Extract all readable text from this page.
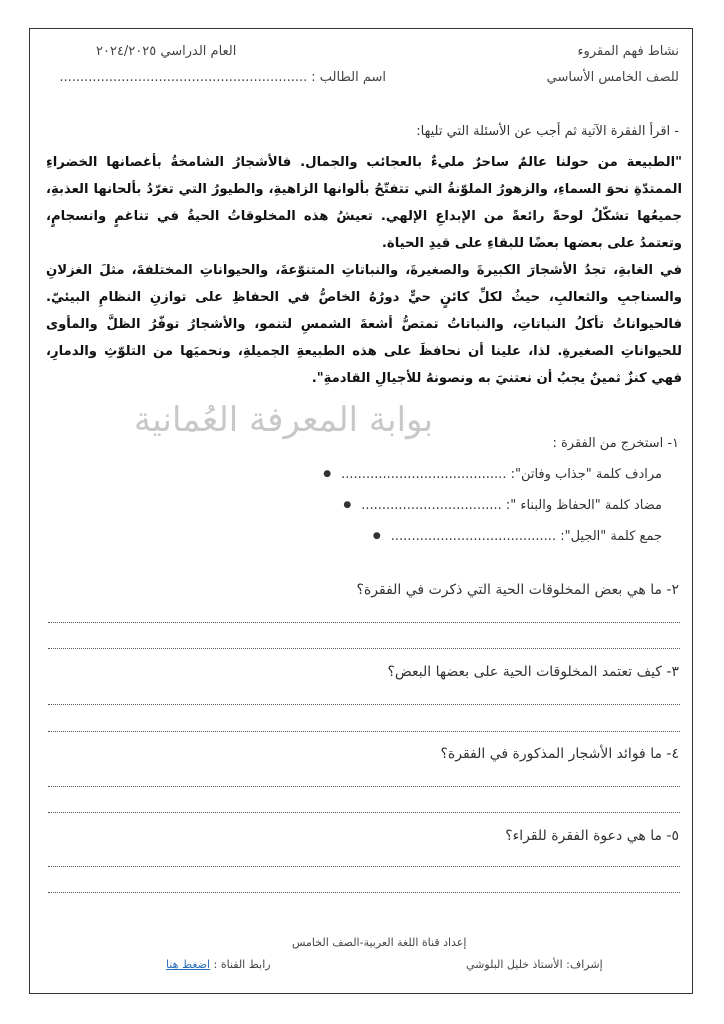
نشاط فهم المقروء
للصف الخامس الأساسي
العام الدراسي ٢٠٢٤/٢٠٢٥
اسم الطالب :
............................................................
- اقرأ الفقرة الآتية ثم أجب عن الأسئلة التي تليها:

"الطبيعة من حولنا عالمٌ ساحرٌ مليءٌ بالعجائب والجمال. فالأشجارُ الشامخةُ بأغصانها الخضراءِ الممتدّةِ نحوَ السماءِ، والزهورُ الملوّنةُ التي تتفتّحُ بألوانها الزاهيةِ، والطيورُ التي تغرّدُ بألحانها العذبةِ، جميعُها تشكّلُ لوحةً رائعةً من الإبداعِ الإلهي. تعيشُ هذه المخلوقاتُ الحيةُ في تناغمٍ وانسجامٍ، وتعتمدُ على بعضها بعضًا للبقاءِ على قيدِ الحياة.

في الغابةِ، تجدُ الأشجارَ الكبيرةَ والصغيرةَ، والنباتاتِ المتنوّعةَ، والحيواناتِ المختلفةَ، مثلَ الغزلانِ والسناجبِ والثعالبِ، حيثُ لكلِّ كائنٍ حيٍّ دورُهُ الخاصُّ في الحفاظِ على توازنِ النظامِ البيئيّ. فالحيواناتُ تأكلُ النباتاتِ، والنباتاتُ تمتصُّ أشعةَ الشمسِ لتنمو، والأشجارُ توفّرُ الظلَّ والمأوى للحيواناتِ الصغيرةِ. لذا، علينا أن نحافظَ على هذه الطبيعةِ الجميلةِ، ونحميَها من التلوّثِ والدمارِ، فهي كنزٌ ثمينٌ يجبُ أن نعتنيَ به ونصونهُ للأجيالِ القادمةِ".

بوابة المعرفة العُمانية
١- استخرج من الفقرة :
مرادف كلمة "جذاب وفاتن": ........................................ ●
مضاد كلمة "الحفاظ والبناء ": .................................. ●
جمع كلمة "الجيل": ........................................ ●
٢- ما هي بعض المخلوقات الحية التي ذكرت في الفقرة؟
٣- كيف تعتمد المخلوقات الحية على بعضها البعض؟
٤- ما فوائد الأشجار المذكورة في الفقرة؟
٥- ما هي دعوة الفقرة للقراء؟
إعداد قناة اللغة العربية-الصف الخامس
إشراف: الأستاذ خليل البلوشي
رابط القناة : اضغط هنا
